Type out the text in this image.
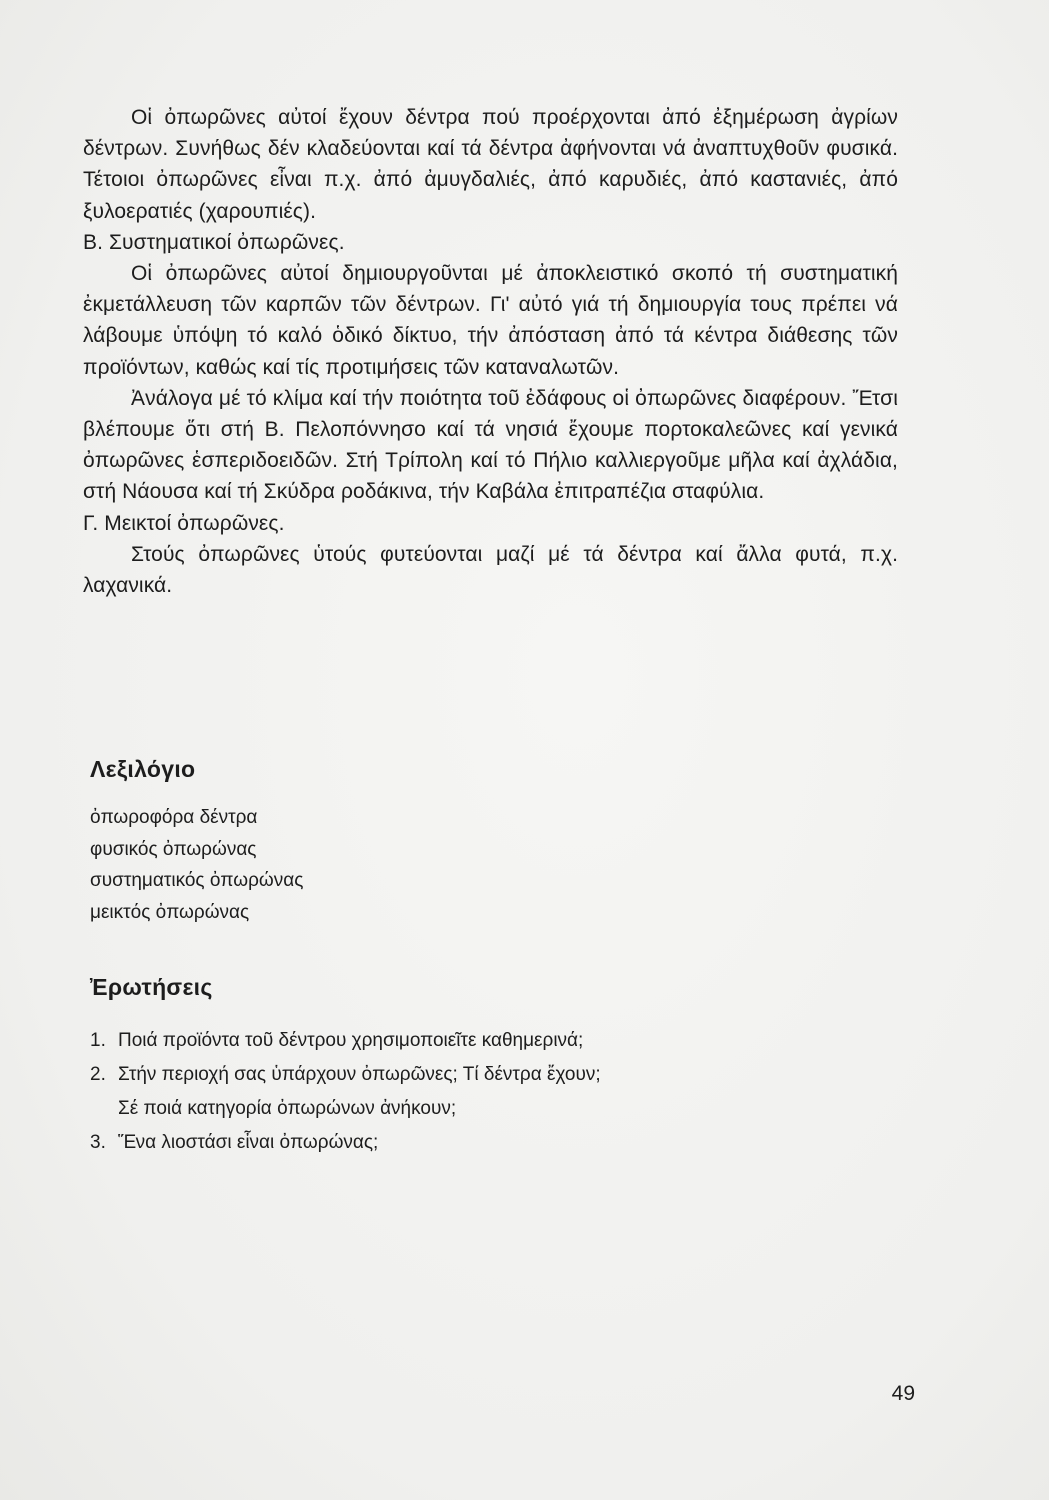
Οἱ ὀπωρῶνες αὐτοί ἔχουν δέντρα πού προέρχονται ἀπό ἐξημέρωση ἀγρίων δέντρων. Συνήθως δέν κλαδεύονται καί τά δέντρα ἀφήνονται νά ἀναπτυχθοῦν φυσικά. Τέτοιοι ὀπωρῶνες εἶναι π.χ. ἀπό ἀμυγδαλιές, ἀπό καρυδιές, ἀπό καστανιές, ἀπό ξυλοερατιές (χαρουπιές).

Β. Συστηματικοί ὀπωρῶνες.

Οἱ ὀπωρῶνες αὐτοί δημιουργοῦνται μέ ἀποκλειστικό σκοπό τή συστηματική ἐκμετάλλευση τῶν καρπῶν τῶν δέντρων. Γι' αὐτό γιά τή δημιουργία τους πρέπει νά λάβουμε ὑπόψη τό καλό ὁδικό δίκτυο, τήν ἀπόσταση ἀπό τά κέντρα διάθεσης τῶν προϊόντων, καθώς καί τίς προτιμήσεις τῶν καταναλωτῶν.

Ἀνάλογα μέ τό κλίμα καί τήν ποιότητα τοῦ ἐδάφους οἱ ὀπωρῶνες διαφέρουν. Ἔτσι βλέπουμε ὅτι στή Β. Πελοπόννησο καί τά νησιά ἔχουμε πορτοκαλεῶνες καί γενικά ὀπωρῶνες ἑσπεριδοειδῶν. Στή Τρίπολη καί τό Πήλιο καλλιεργοῦμε μῆλα καί ἀχλάδια, στή Νάουσα καί τή Σκύδρα ροδάκινα, τήν Καβάλα ἐπιτραπέζια σταφύλια.

Γ. Μεικτοί ὀπωρῶνες.

Στούς ὀπωρῶνες ὑτούς φυτεύονται μαζί μέ τά δέντρα καί ἄλλα φυτά, π.χ. λαχανικά.

Λεξιλόγιο
ὀπωροφόρα δέντρα
φυσικός ὀπωρώνας
συστηματικός ὀπωρώνας
μεικτός ὀπωρώνας
Ἐρωτήσεις
1. Ποιά προϊόντα τοῦ δέντρου χρησιμοποιεῖτε καθημερινά;
2. Στήν περιοχή σας ὑπάρχουν ὀπωρῶνες; Τί δέντρα ἔχουν;
Σέ ποιά κατηγορία ὀπωρώνων ἀνήκουν;
3. Ἕνα λιοστάσι εἶναι ὀπωρώνας;
49
